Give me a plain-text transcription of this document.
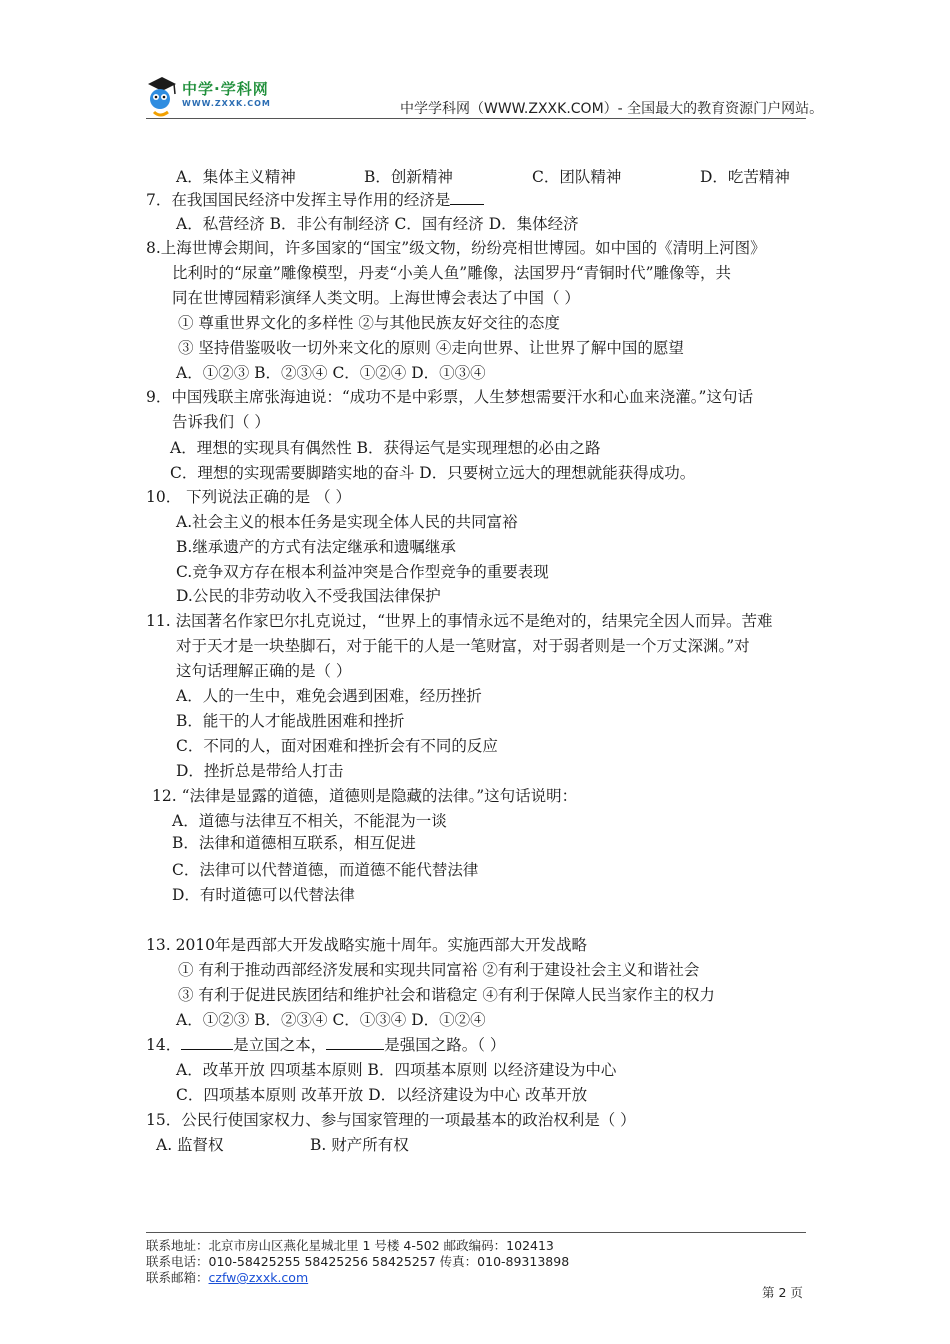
中学·学科网
WWW.ZXXK.COM	中学学科网（WWW.ZXXK.COM）- 全国最大的教育资源门户网站。
A．集体主义精神	B．创新精神	C．团队精神	D．吃苦精神
7．在我国国民经济中发挥主导作用的经济是
A．私营经济 B．非公有制经济 C．国有经济 D．集体经济
8.上海世博会期间，许多国家的“国宝”级文物，纷纷亮相世博园。如中国的《清明上河图》
比利时的“尿童”雕像模型，丹麦“小美人鱼”雕像，法国罗丹“青铜时代”雕像等，共
同在世博园精彩演绎人类文明。上海世博会表达了中国（ ）
① 尊重世界文化的多样性 ②与其他民族友好交往的态度
③ 坚持借鉴吸收一切外来文化的原则 ④走向世界、让世界了解中国的愿望
A．①②③ B．②③④ C．①②④ D．①③④
9．中国残联主席张海迪说：“成功不是中彩票，人生梦想需要汗水和心血来浇灌。”这句话
告诉我们（ ）
A．理想的实现具有偶然性 B．获得运气是实现理想的必由之路
C．理想的实现需要脚踏实地的奋斗 D．只要树立远大的理想就能获得成功。
10． 下列说法正确的是 （ ）
A.社会主义的根本任务是实现全体人民的共同富裕
B.继承遗产的方式有法定继承和遗嘱继承
C.竞争双方存在根本利益冲突是合作型竞争的重要表现
D.公民的非劳动收入不受我国法律保护
11. 法国著名作家巴尔扎克说过，“世界上的事情永远不是绝对的，结果完全因人而异。苦难
对于天才是一块垫脚石，对于能干的人是一笔财富，对于弱者则是一个万丈深渊。”对
这句话理解正确的是（ ）
A．人的一生中，难免会遇到困难，经历挫折
B．能干的人才能战胜困难和挫折
C．不同的人，面对困难和挫折会有不同的反应
D．挫折总是带给人打击
12. “法律是显露的道德，道德则是隐藏的法律。”这句话说明：
A．道德与法律互不相关，不能混为一谈
B．法律和道德相互联系，相互促进
C．法律可以代替道德，而道德不能代替法律
D．有时道德可以代替法律
13. 2010年是西部大开发战略实施十周年。实施西部大开发战略
① 有利于推动西部经济发展和实现共同富裕 ②有利于建设社会主义和谐社会
③ 有利于促进民族团结和维护社会和谐稳定 ④有利于保障人民当家作主的权力
A．①②③ B．②③④ C．①③④ D．①②④
14．	是立国之本，	是强国之路。（ ）
A．改革开放 四项基本原则 B．四项基本原则 以经济建设为中心
C．四项基本原则 改革开放 D．以经济建设为中心 改革开放
15．公民行使国家权力、参与国家管理的一项最基本的政治权利是（ ）
A. 监督权	B. 财产所有权
联系地址：北京市房山区燕化星城北里 1 号楼 4-502 邮政编码：102413
联系电话：010-58425255 58425256 58425257 传真：010-89313898
联系邮箱：czfw@zxxk.com
第 2 页
